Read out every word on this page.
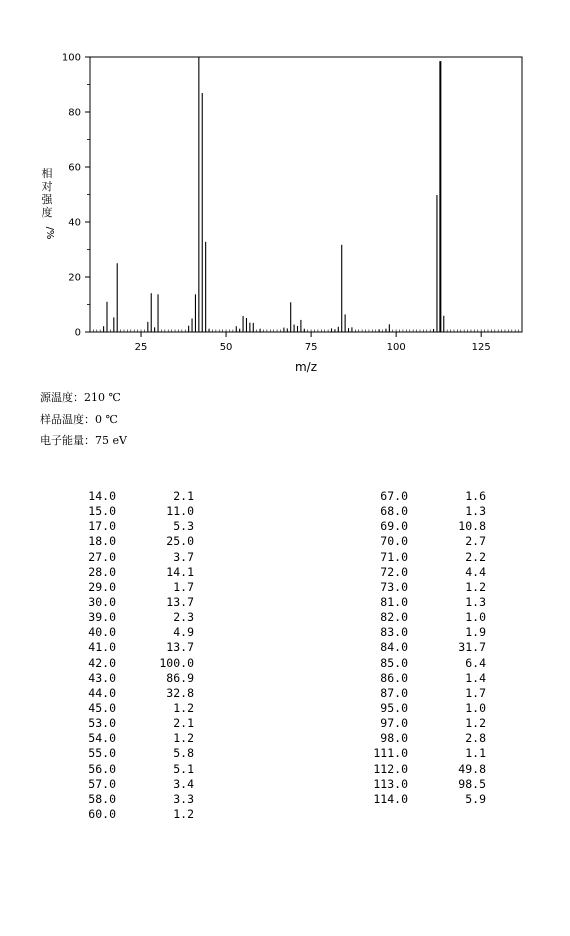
25	50	75	100	125
0
20
40
60
80
100
m/z
相
对
强
度
/%
源温度：210 ℃
样品温度：0 ℃
电子能量：75 eV
14.0	2.1
15.0	11.0
17.0	5.3
18.0	25.0
27.0	3.7
28.0	14.1
29.0	1.7
30.0	13.7
39.0	2.3
40.0	4.9
41.0	13.7
42.0	100.0
43.0	86.9
44.0	32.8
45.0	1.2
53.0	2.1
54.0	1.2
55.0	5.8
56.0	5.1
57.0	3.4
58.0	3.3
60.0	1.2
67.0	1.6
68.0	1.3
69.0	10.8
70.0	2.7
71.0	2.2
72.0	4.4
73.0	1.2
81.0	1.3
82.0	1.0
83.0	1.9
84.0	31.7
85.0	6.4
86.0	1.4
87.0	1.7
95.0	1.0
97.0	1.2
98.0	2.8
111.0	1.1
112.0	49.8
113.0	98.5
114.0	5.9
